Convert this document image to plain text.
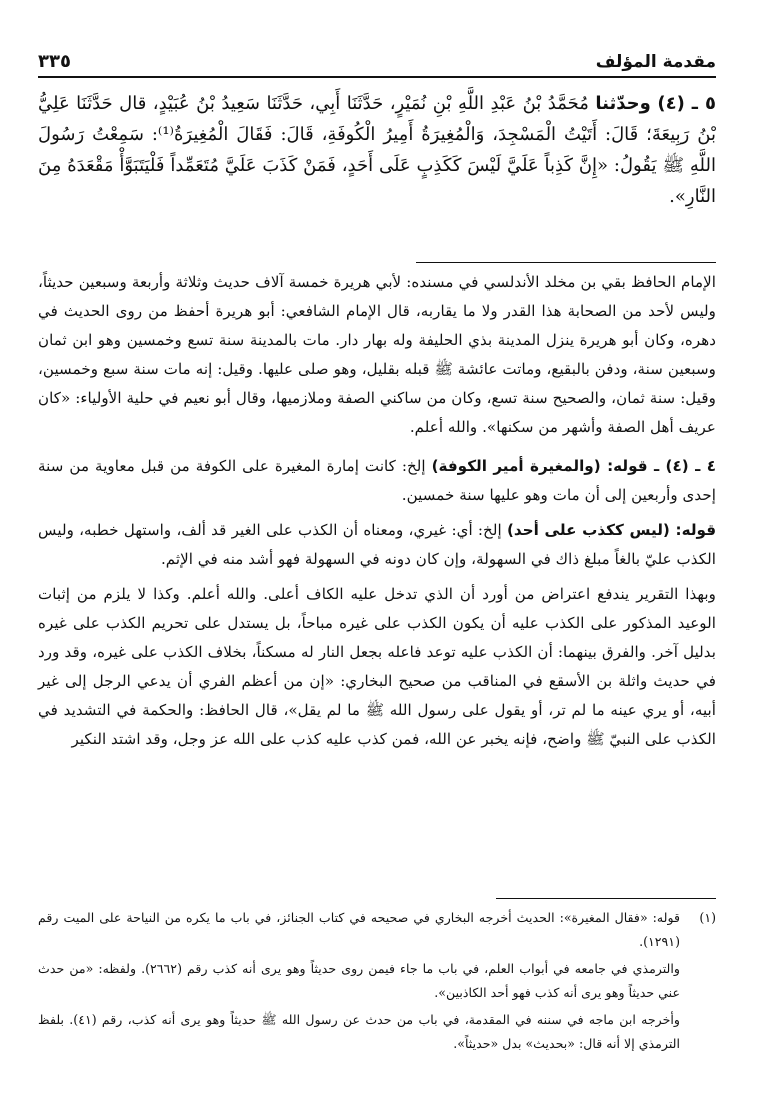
مقدمة المؤلف
٣٣٥
٥ ـ (٤) وحدّثنا مُحَمَّدُ بْنُ عَبْدِ اللَّهِ بْنِ نُمَيْرٍ، حَدَّثَنَا أَبِي، حَدَّثَنَا سَعِيدُ بْنُ عُبَيْدٍ، قال حَدَّثَنَا عَلِيُّ بْنُ رَبِيعَةَ؛ قَالَ: أَتَيْتُ الْمَسْجِدَ، وَالْمُغِيرَةُ أَمِيرُ الْكُوفَةِ، قَالَ: فَقَالَ الْمُغِيرَةُ⁽¹⁾: سَمِعْتُ رَسُولَ اللَّهِ ﷺ يَقُولُ: «إِنَّ كَذِباً عَلَيَّ لَيْسَ كَكَذِبٍ عَلَى أَحَدٍ، فَمَنْ كَذَبَ عَلَيَّ مُتَعَمِّداً فَلْيَتَبَوَّأْ مَقْعَدَهُ مِنَ النَّارِ».

الإمام الحافظ بقي بن مخلد الأندلسي في مسنده: لأبي هريرة خمسة آلاف حديث وثلاثة وأربعة وسبعين حديثاً، وليس لأحد من الصحابة هذا القدر ولا ما يقاربه، قال الإمام الشافعي: أبو هريرة أحفظ من روى الحديث في دهره، وكان أبو هريرة ينزل المدينة بذي الحليفة وله بهار دار. مات بالمدينة سنة تسع وخمسين وهو ابن ثمان وسبعين سنة، ودفن بالبقيع، وماتت عائشة ﷺ قبله بقليل، وهو صلى عليها. وقيل: إنه مات سنة سبع وخمسين، وقيل: سنة ثمان، والصحيح سنة تسع، وكان من ساكني الصفة وملازميها، وقال أبو نعيم في حلية الأولياء: «كان عريف أهل الصفة وأشهر من سكنها». والله أعلم.

٤ ـ (٤) ـ قوله: (والمغيرة أمير الكوفة) إلخ: كانت إمارة المغيرة على الكوفة من قبل معاوية من سنة إحدى وأربعين إلى أن مات وهو عليها سنة خمسين.

قوله: (ليس ككذب على أحد) إلخ: أي: غيري، ومعناه أن الكذب على الغير قد ألف، واستهل خطبه، وليس الكذب عليّ بالغاً مبلغ ذاك في السهولة، وإن كان دونه في السهولة فهو أشد منه في الإثم.

وبهذا التقرير يندفع اعتراض من أورد أن الذي تدخل عليه الكاف أعلى. والله أعلم. وكذا لا يلزم من إثبات الوعيد المذكور على الكذب عليه أن يكون الكذب على غيره مباحاً، بل يستدل على تحريم الكذب على غيره بدليل آخر. والفرق بينهما: أن الكذب عليه توعد فاعله بجعل النار له مسكناً، بخلاف الكذب على غيره، وقد ورد في حديث واثلة بن الأسقع في المناقب من صحيح البخاري: «إن من أعظم الفري أن يدعي الرجل إلى غير أبيه، أو يري عينه ما لم تر، أو يقول على رسول الله ﷺ ما لم يقل»، قال الحافظ: والحكمة في التشديد في الكذب على النبيّ ﷺ واضح، فإنه يخبر عن الله، فمن كذب عليه كذب على الله عز وجل، وقد اشتد النكير

(١)

قوله: «فقال المغيرة»: الحديث أخرجه البخاري في صحيحه في كتاب الجنائز، في باب ما يكره من النياحة على الميت رقم (١٢٩١).

والترمذي في جامعه في أبواب العلم، في باب ما جاء فيمن روى حديثاً وهو يرى أنه كذب رقم (٢٦٦٢). ولفظه: «من حدث عني حديثاً وهو يرى أنه كذب فهو أحد الكاذبين».

وأخرجه ابن ماجه في سننه في المقدمة، في باب من حدث عن رسول الله ﷺ حديثاً وهو يرى أنه كذب، رقم (٤١). بلفظ الترمذي إلا أنه قال: «بحديث» بدل «حديثاً».
